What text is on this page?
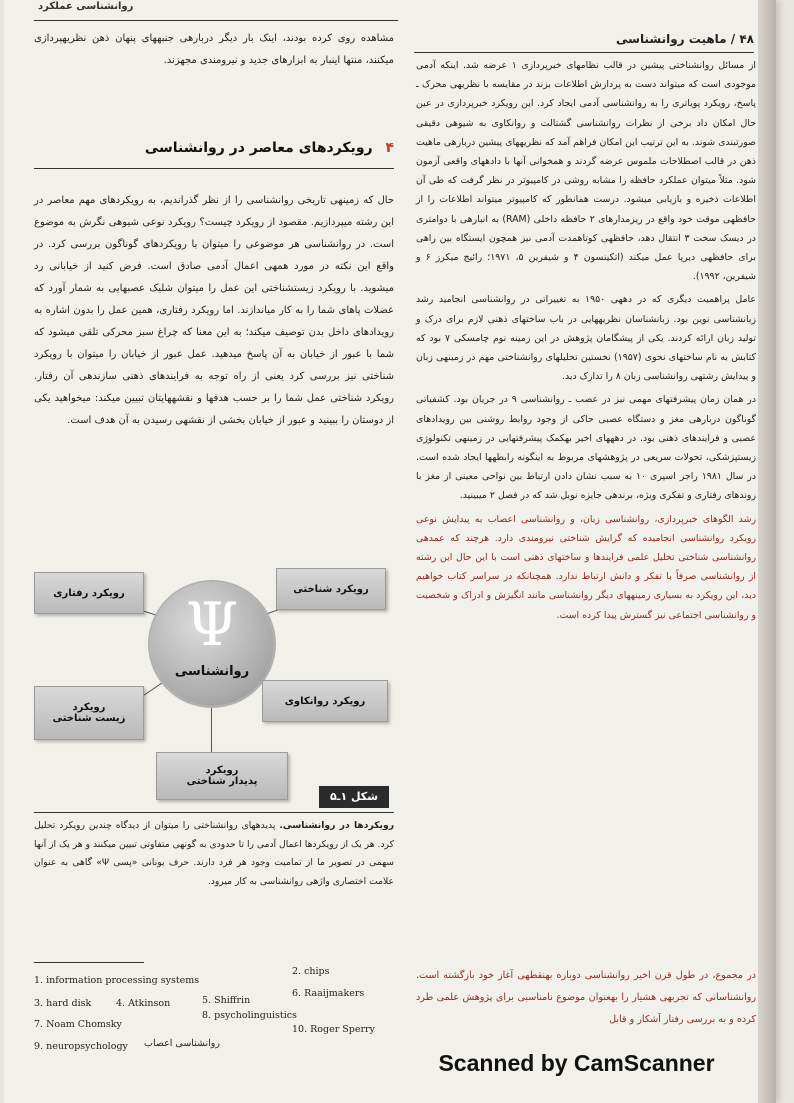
روانشناسی عملکرد
۴۸ / ماهیت روانشناسی

از مسائل روانشناختی پیشین در قالب نظامهای خبرپردازی ۱ عرضه شد. اینکه آدمی موجودی است که میتواند دست به پردازش اطلاعات بزند در مقایسه با نظریهی محرک ـ پاسخ، رویکرد پویاتری را به روانشناسی آدمی ایجاد کرد. این رویکرد خبرپردازی در عین حال امکان داد برخی از نظرات روانشناسی گشتالت و روانکاوی به شیوهی دقیقی صورتبندی شوند. به این ترتیب این امکان فراهم آمد که نظریههای پیشین دربارهی ماهیت ذهن در قالب اصطلاحات ملموس عرضه گردند و همخوانی آنها با دادههای واقعی آزمون شود. مثلاً میتوان عملکرد حافظه را مشابه روشی در کامپیوتر در نظر گرفت که طی آن اطلاعات ذخیره و بازیابی میشود. درست همانطور که کامپیوتر میتواند اطلاعات را از حافظهی موقت خود واقع در ریزمدارهای ۲ حافظه داخلی (RAM) به انبارهی با دوامتری در دیسک سخت ۳ انتقال دهد، حافظهی کوتاهمدت آدمی نیز همچون ایستگاه بین راهی برای حافظهی دیرپا عمل میکند (اتکینسون ۴ و شیفرین ۵، ۱۹۷۱؛ رائیج میکرز ۶ و شیفرین، ۱۹۹۲).

عامل پراهمیت دیگری که در دههی ۱۹۵۰ به تغییراتی در روانشناسی انجامید رشد زبانشناسی نوین بود. زبانشناسان نظریههایی در باب ساختهای ذهنی لازم برای درک و تولید زبان ارائه کردند. یکی از پیشگامان پژوهش در این زمینه نوم چامسکی ۷ بود که کتابش به نام ساختهای نحوی (۱۹۵۷) نخستین تحلیلهای روانشناختی مهم در زمینهی زبان و پیدایش رشتهی روانشناسی زبان ۸ را تدارک دید.

در همان زمان پیشرفتهای مهمی نیز در عصب ـ روانشناسی ۹ در جریان بود. کشفیاتی گوناگون دربارهی مغز و دستگاه عصبی حاکی از وجود روابط روشنی بین رویدادهای عصبی و فرایندهای ذهنی بود. در دهههای اخیر بهکمک پیشرفتهایی در زمینهی تکنولوژی زیستپزشکی، تحولات سریعی در پژوهشهای مربوط به اینگونه رابطهها ایجاد شده است. در سال ۱۹۸۱ راجر اسپری ۱۰ به سبب نشان دادن ارتباط بین نواحی معینی از مغز با روندهای رفتاری و تفکری ویژه، برندهی جایزه نوبل شد که در فصل ۲ میبینید.

رشد الگوهای خبرپردازی، روانشناسی زبان، و روانشناسی اعصاب به پیدایش نوعی رویکرد روانشناسی انجامیده که گرایش شناختی نیرومندی دارد. هرچند که عمدهی روانشناسی شناختی تحلیل علمی فرایندها و ساختهای ذهنی است با این حال این رشته از روانشناسی صرفاً با تفکر و دانش ارتباط ندارد. همچنانکه در سراسر کتاب خواهیم دید، این رویکرد به بسیاری زمینههای دیگر روانشناسی مانند انگیزش و ادراک و شخصیت و روانشناسی اجتماعی نیز گسترش پیدا کرده است.

در مجموع، در طول قرن اخیر روانشناسی دوباره بهنقطهی آغاز خود بازگشته است. روانشناسانی که تجربهی هشیار را بهعنوان موضوع نامناسبی برای پژوهش علمی طرد کرده و به بررسی رفتار آشکار و قابل
مشاهده روی کرده بودند، اینک بار دیگر دربارهی جنبههای پنهان ذهن نظریهپردازی میکنند، منتها اینبار به ابزارهای جدید و نیرومندی مجهزند.
۴ رویکردهای معاصر در روانشناسی
حال که زمینهی تاریخی روانشناسی را از نظر گذراندیم، به رویکردهای مهم معاصر در این رشته میپردازیم. مقصود از رویکرد چیست؟ رویکرد نوعی شیوهی نگرش به موضوع است. در روانشناسی هر موضوعی را میتوان با رویکردهای گوناگون بررسی کرد. در واقع این نکته در مورد همهی اعمال آدمی صادق است. فرض کنید از خیابانی رد میشوید. با رویکرد زیستشناختی این عمل را میتوان شلیک عصبهایی به شمار آورد که عضلات پاهای شما را به کار میاندازند. اما رویکرد رفتاری، همین عمل را بدون اشاره به رویدادهای داخل بدن توصیف میکند؛ به این معنا که چراغ سبز محرکی تلقی میشود که شما با عبور از خیابان به آن پاسخ میدهید. عمل عبور از خیابان را میتوان با رویکرد شناختی نیز بررسی کرد یعنی از راه توجه به فرایندهای ذهنی سازندهی آن رفتار. رویکرد شناختی عمل شما را بر حسب هدفها و نقشههایتان تبیین میکند: میخواهید یکی از دوستان را ببینید و عبور از خیابان بخشی از نقشهی رسیدن به آن هدف است.
Ψ
روانشناسی
رویکرد رفتاری	رویکرد شناختی
رویکرد
زیست شناختی
رویکرد روانکاوی
رویکرد
پدیدار شناختی
شکل ۱ـ۵
رویکردها در روانشناسی. پدیدههای روانشناختی را میتوان از دیدگاه چندین رویکرد تحلیل کرد. هر یک از رویکردها اعمال آدمی را تا حدودی به گونهی متفاوتی تبیین میکنند و هر یک از آنها سهمی در تصویر ما از تمامیت وجود هر فرد دارند. حرف یونانی «پسی Ψ» گاهی به عنوان علامت اختصاری واژهی روانشناسی به کار میرود.
2. chips
1. information processing systems
3. hard disk	4. Atkinson	5. Shiffrin
6. Raaijmakers
8. psycholinguistics
7. Noam Chomsky	10. Roger Sperry
9. neuropsychology روانشناسی اعصاب
Scanned by CamScanner
